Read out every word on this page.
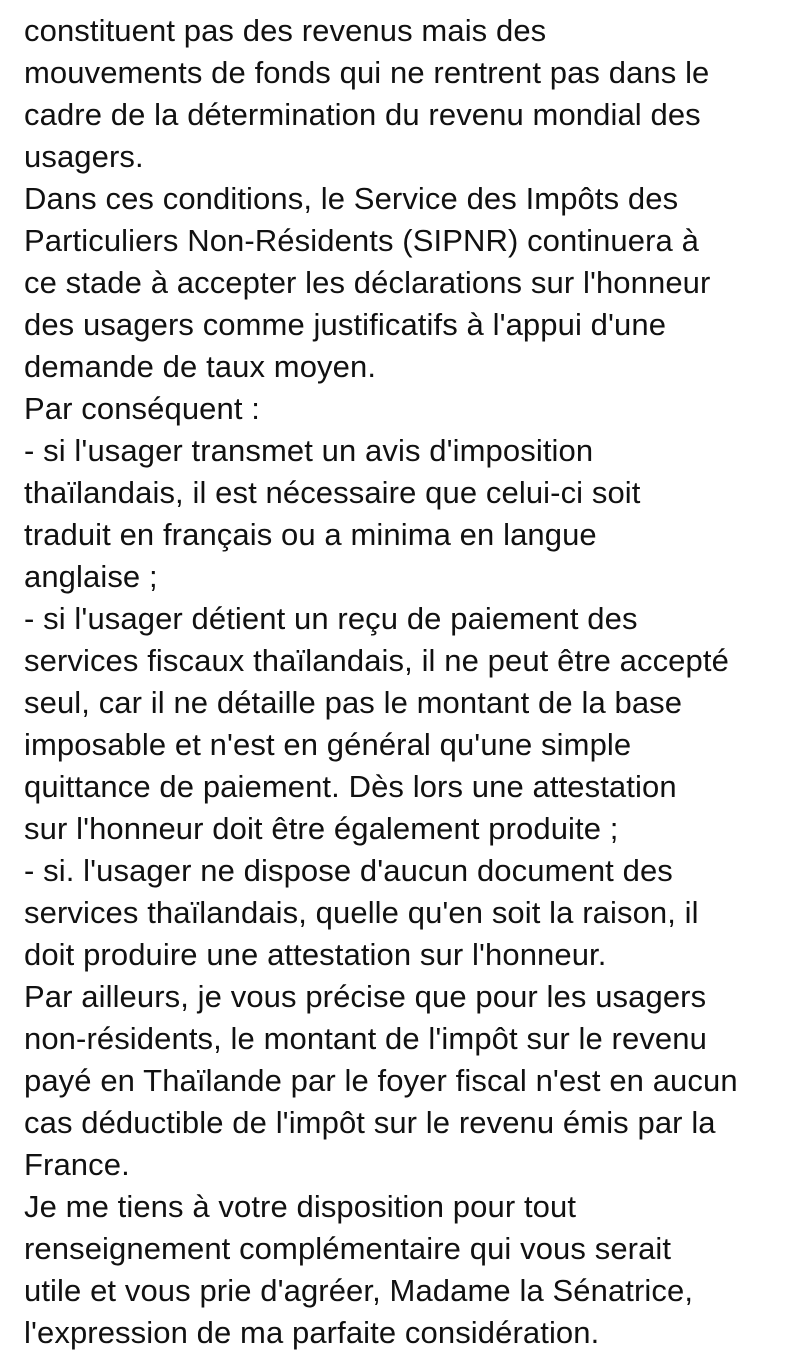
constituent pas des revenus mais des
mouvements de fonds qui ne rentrent pas dans le
cadre de la détermination du revenu mondial des
usagers.
Dans ces conditions, le Service des Impôts des
Particuliers Non-Résidents (SIPNR) continuera à
ce stade à accepter les déclarations sur l'honneur
des usagers comme justificatifs à l'appui d'une
demande de taux moyen.
Par conséquent :
- si l'usager transmet un avis d'imposition
thaïlandais, il est nécessaire que celui-ci soit
traduit en français ou a minima en langue
anglaise ;
- si l'usager détient un reçu de paiement des
services fiscaux thaïlandais, il ne peut être accepté
seul, car il ne détaille pas le montant de la base
imposable et n'est en général qu'une simple
quittance de paiement. Dès lors une attestation
sur l'honneur doit être également produite ;
- si. l'usager ne dispose d'aucun document des
services thaïlandais, quelle qu'en soit la raison, il
doit produire une attestation sur l'honneur.
Par ailleurs, je vous précise que pour les usagers
non-résidents, le montant de l'impôt sur le revenu
payé en Thaïlande par le foyer fiscal n'est en aucun
cas déductible de l'impôt sur le revenu émis par la
France.
Je me tiens à votre disposition pour tout
renseignement complémentaire qui vous serait
utile et vous prie d'agréer, Madame la Sénatrice,
l'expression de ma parfaite considération.
